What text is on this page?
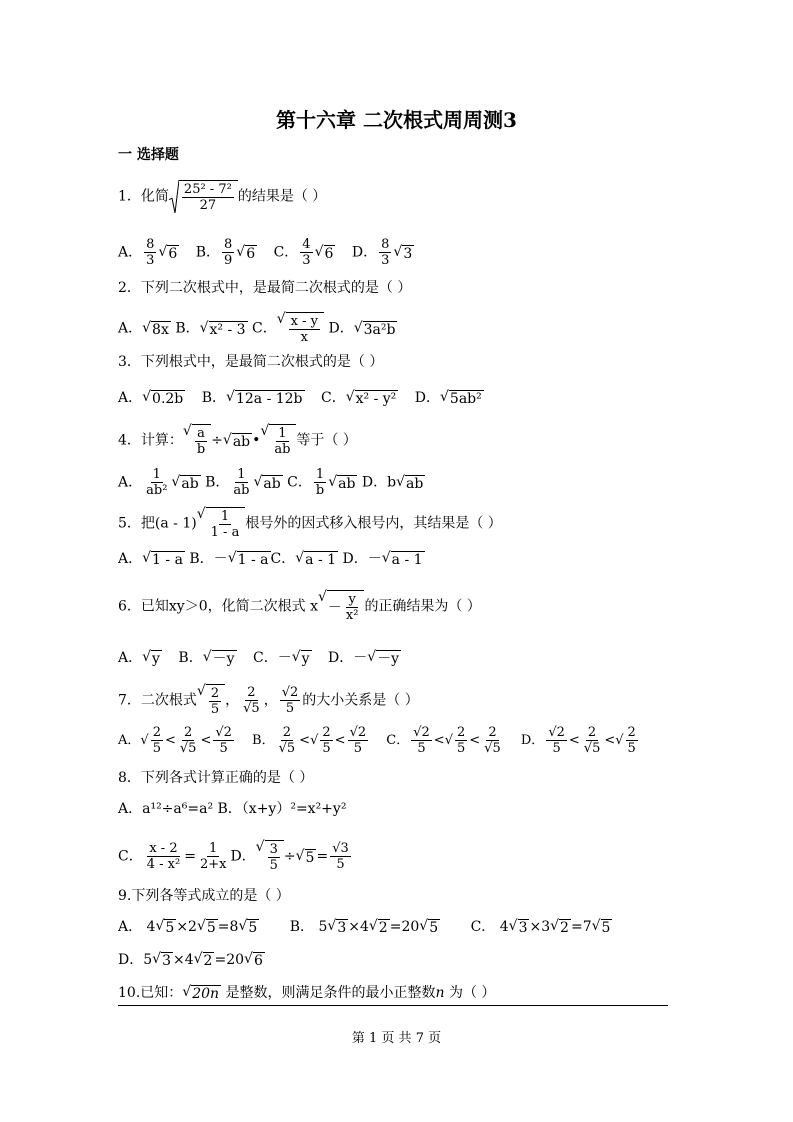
第十六章 二次根式周周测3
一 选择题
1．化简 $\frac{\text{25² - 7²}}{27}$ 的结果是（ ）
A． $\frac{8}{3}$ √ 6 B． $\frac{8}{9}$ √ 6 C． $\frac{4}{3}$ √ 6 D． $\frac{8}{3}$ √ 3
2．下列二次根式中，是最简二次根式的是（ ）
A． √ 8x B． √ x² - 3 C．
√ $\frac{x - y}{x}$ D． √ 3a²b
3．下列根式中，是最简二次根式的是（ ）
A． √ 0.2b B． √ 12a - 12b C． √ x² - y² D． √ 5ab²
4．计算：
√ $\frac{a}{b}$ ÷ √ ab •
√ $\frac{1}{ab}$ 等于（ ）
A． $\frac{1}{\text{ab²}}$ √ ab B． $\frac{1}{ab}$ √ ab C． $\frac{1}{b}$ √ ab D．b √ ab
5．把(a - 1)
√ $\frac{1}{1 - a}$ 根号外的因式移入根号内，其结果是（ ）
A． √ 1 - a B．－ √ 1 - a C． √ a - 1 D．－ √ a - 1
6．已知xy＞0，化简二次根式 x
√
－ $\frac{y}{\text{x²}}$ 的正确结果为（ ）
A． √ y B． √ －y C．－ √ y D．－ √ －y
7．二次根式
√ $\frac{2}{5}$ ， $\frac{2}{√5}$ ， $\frac{√2}{5}$ 的大小关系是（ ）
A．√ $\frac{2}{5} < \frac{2}{√5} < \frac{√2}{5}$ B． $\frac{2}{√5}$ <√ $\frac{2}{5} < \frac{√2}{5}$ C． $\frac{√2}{5}$ <√ $\frac{2}{5} < \frac{2}{√5}$ D． $\frac{√2}{5} < \frac{2}{√5}$ <√ $\frac{2}{5}$
8．下列各式计算正确的是（ ）
A．a¹²÷a⁶=a² B．（x+y）²=x²+y²
C． $\frac{x - 2}{\text{4 - x²}} = \frac{1}{2+x}$ D．
√ $\frac{3}{5}$ ÷ √ $5 = \frac{√3}{5}$
9.下列各等式成立的是（ ）
A． 4 √ 5 ×2 √ 5 =8 √ 5 B． 5 √ 3 ×4 √ 2 =20 √ 5 C． 4 √ 3 ×3 √ 2 =7 √ 5
D．5 √ 3 ×4 √ 2 =20 √ 6
10.已知： √ 20n 是整数，则满足条件的最小正整数n 为（ ）
第 1 页 共 7 页
